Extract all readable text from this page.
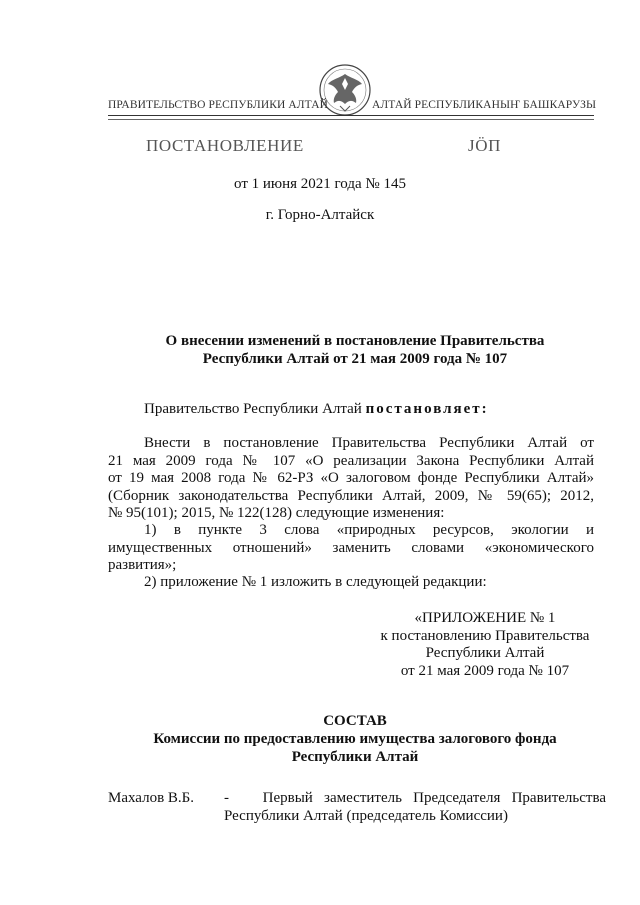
ПРАВИТЕЛЬСТВО РЕСПУБЛИКИ АЛТАЙ	АЛТАЙ РЕСПУБЛИКАНЫҤ БАШКАРУЗЫ
ПОСТАНОВЛЕНИЕ	JӦП
от 1 июня 2021 года № 145
г. Горно-Алтайск
О внесении изменений в постановление Правительства
Республики Алтай от 21 мая 2009 года № 107
Правительство Республики Алтай постановляет:
Внести в постановление Правительства Республики Алтай от
21 мая 2009 года № 107 «О реализации Закона Республики Алтай
от 19 мая 2008 года № 62-РЗ «О залоговом фонде Республики Алтай»
(Сборник законодательства Республики Алтай, 2009, № 59(65); 2012,
№ 95(101); 2015, № 122(128) следующие изменения:
1) в пункте 3 слова «природных ресурсов, экологии и
имущественных отношений» заменить словами «экономического
развития»;
2) приложение № 1 изложить в следующей редакции:
«ПРИЛОЖЕНИЕ № 1
к постановлению Правительства
Республики Алтай
от 21 мая 2009 года № 107
СОСТАВ
Комиссии по предоставлению имущества залогового фонда
Республики Алтай
Махалов В.Б. - Первый заместитель Председателя Правительства
Республики Алтай (председатель Комиссии)
